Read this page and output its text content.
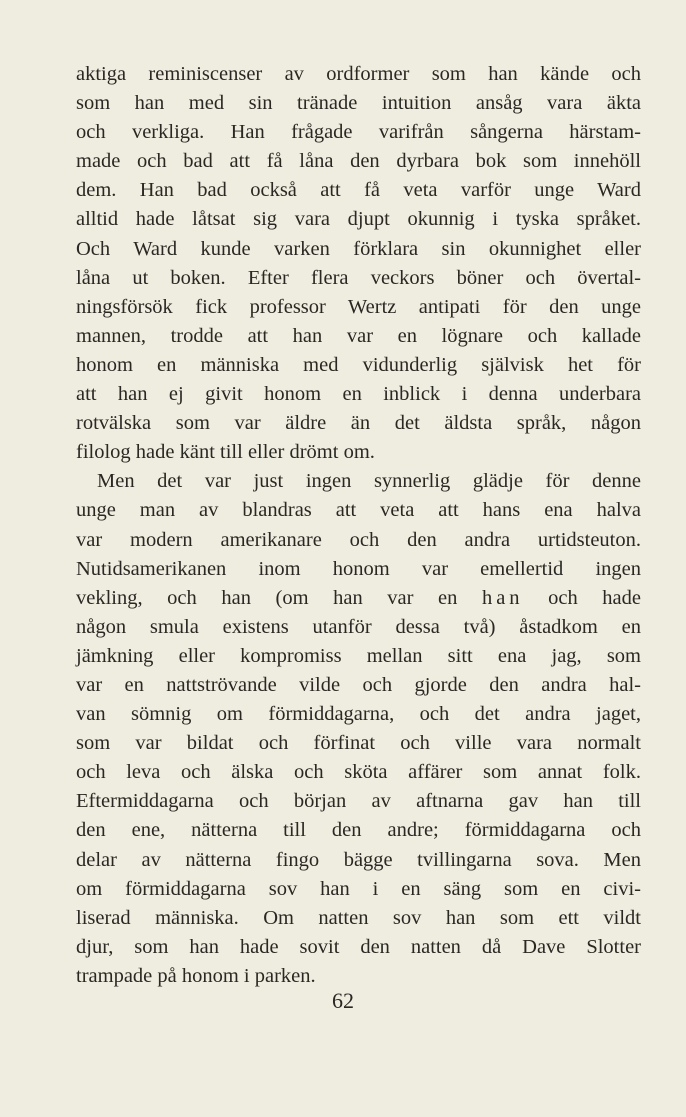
aktiga reminiscenser av ordformer som han kände och
som han med sin tränade intuition ansåg vara äkta
och verkliga. Han frågade varifrån sångerna härstam-
made och bad att få låna den dyrbara bok som innehöll
dem. Han bad också att få veta varför unge Ward
alltid hade låtsat sig vara djupt okunnig i tyska språket.
Och Ward kunde varken förklara sin okunnighet eller
låna ut boken. Efter flera veckors böner och övertal-
ningsförsök fick professor Wertz antipati för den unge
mannen, trodde att han var en lögnare och kallade
honom en människa med vidunderlig självisk het för
att han ej givit honom en inblick i denna underbara
rotvälska som var äldre än det äldsta språk, någon
filolog hade känt till eller drömt om.
Men det var just ingen synnerlig glädje för denne
unge man av blandras att veta att hans ena halva
var modern amerikanare och den andra urtidsteuton.
Nutidsamerikanen inom honom var emellertid ingen
vekling, och han (om han var en han och hade
någon smula existens utanför dessa två) åstadkom en
jämkning eller kompromiss mellan sitt ena jag, som
var en nattströvande vilde och gjorde den andra hal-
van sömnig om förmiddagarna, och det andra jaget,
som var bildat och förfinat och ville vara normalt
och leva och älska och sköta affärer som annat folk.
Eftermiddagarna och början av aftnarna gav han till
den ene, nätterna till den andre; förmiddagarna och
delar av nätterna fingo bägge tvillingarna sova. Men
om förmiddagarna sov han i en säng som en civi-
liserad människa. Om natten sov han som ett vildt
djur, som han hade sovit den natten då Dave Slotter
trampade på honom i parken.
62
